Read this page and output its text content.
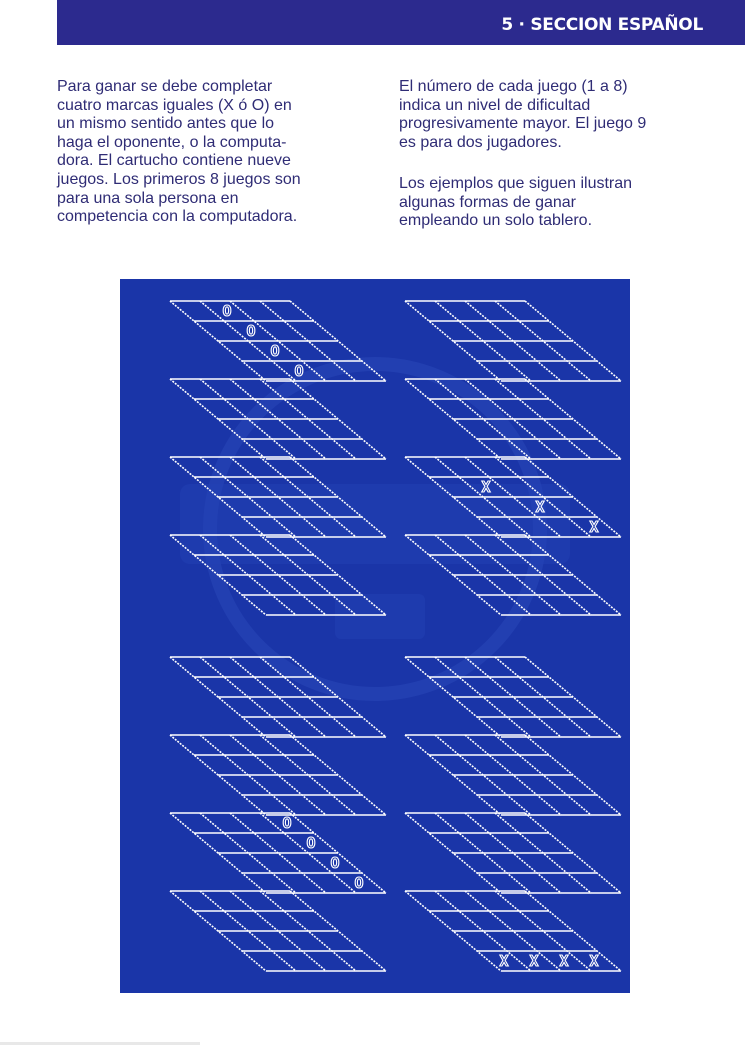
5 · SECCION ESPAÑOL

Para ganar se debe completar
cuatro marcas iguales (X ó O) en
un mismo sentido antes que lo
haga el oponente, o la computa-
dora. El cartucho contiene nueve
juegos. Los primeros 8 juegos son
para una sola persona en
competencia con la computadora.

El número de cada juego (1 a 8)
indica un nivel de dificultad
progresivamente mayor. El juego 9
es para dos jugadores.

Los ejemplos que siguen ilustran
algunas formas de ganar
empleando un solo tablero.

O
O
O
O
X
X
X
O
O
O
O
X X X X
